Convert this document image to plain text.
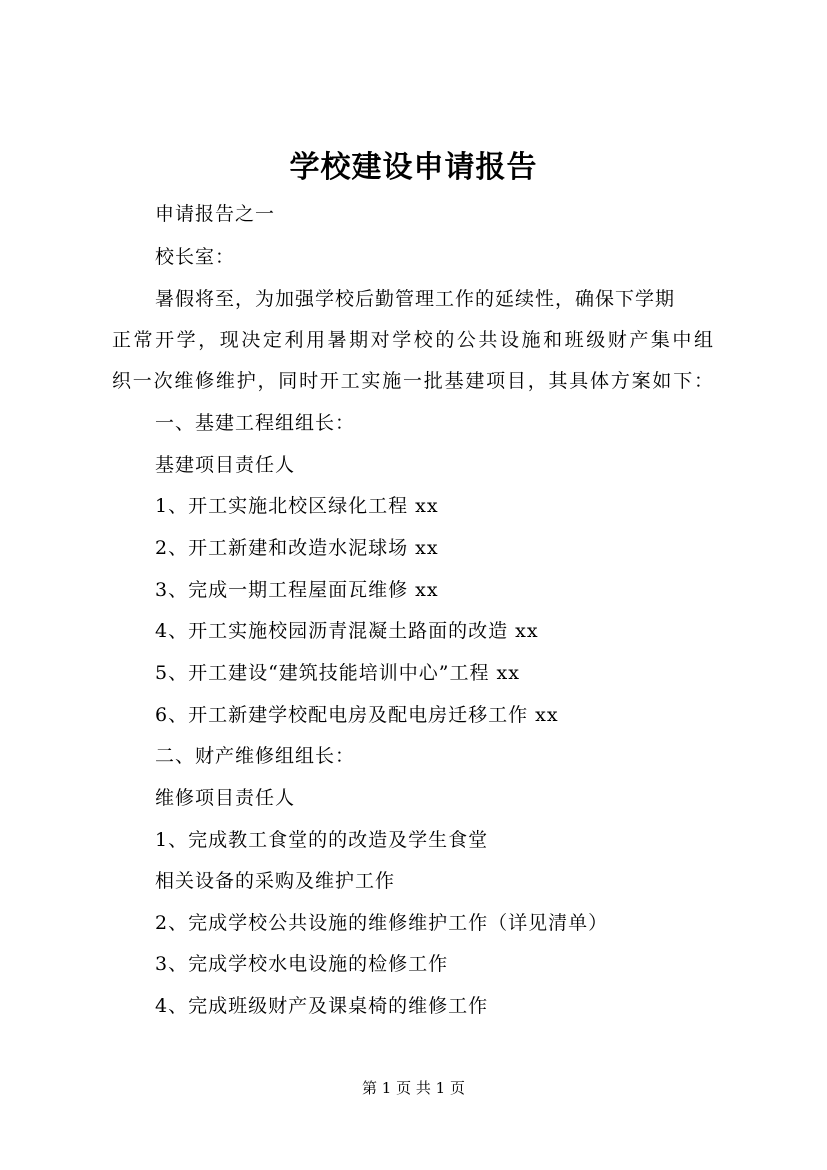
学校建设申请报告

申请报告之一

校长室：

暑假将至，为加强学校后勤管理工作的延续性，确保下学期

正常开学，现决定利用暑期对学校的公共设施和班级财产集中组

织一次维修维护，同时开工实施一批基建项目，其具体方案如下：

一、基建工程组组长：

基建项目责任人

1、开工实施北校区绿化工程 xx

2、开工新建和改造水泥球场 xx

3、完成一期工程屋面瓦维修 xx

4、开工实施校园沥青混凝土路面的改造 xx

5、开工建设“建筑技能培训中心”工程 xx

6、开工新建学校配电房及配电房迁移工作 xx

二、财产维修组组长：

维修项目责任人

1、完成教工食堂的的改造及学生食堂

相关设备的采购及维护工作

2、完成学校公共设施的维修维护工作（详见清单）

3、完成学校水电设施的检修工作

4、完成班级财产及课桌椅的维修工作

第 1 页 共 1 页
